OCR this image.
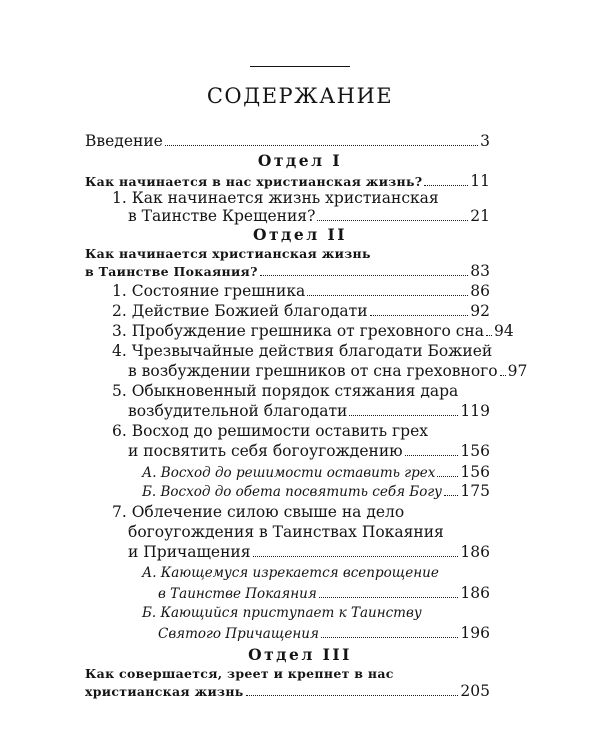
СОДЕРЖАНИЕ
Введение	3
Отдел I
Как начинается в нас христианская жизнь?	11
1. Как начинается жизнь христианская
в Таинстве Крещения?	21
Отдел II
Как начинается христианская жизнь
в Таинстве Покаяния?	83
1. Состояние грешника	86
2. Действие Божией благодати	92
3. Пробуждение грешника от греховного сна 94
4. Чрезвычайные действия благодати Божией
в возбуждении грешников от сна греховного 97
5. Обыкновенный порядок стяжания дара
возбудительной благодати	119
6. Восход до решимости оставить грех
и посвятить себя богоугождению	156
А. Восход до решимости оставить грех 156
Б. Восход до обета посвятить себя Богу 175
7. Облечение силою свыше на дело
богоугождения в Таинствах Покаяния
и Причащения	186
А. Кающемуся изрекается всепрощение
в Таинстве Покаяния	186
Б. Кающийся приступает к Таинству
Святого Причащения	196
Отдел III
Как совершается, зреет и крепнет в нас
христианская жизнь	205
